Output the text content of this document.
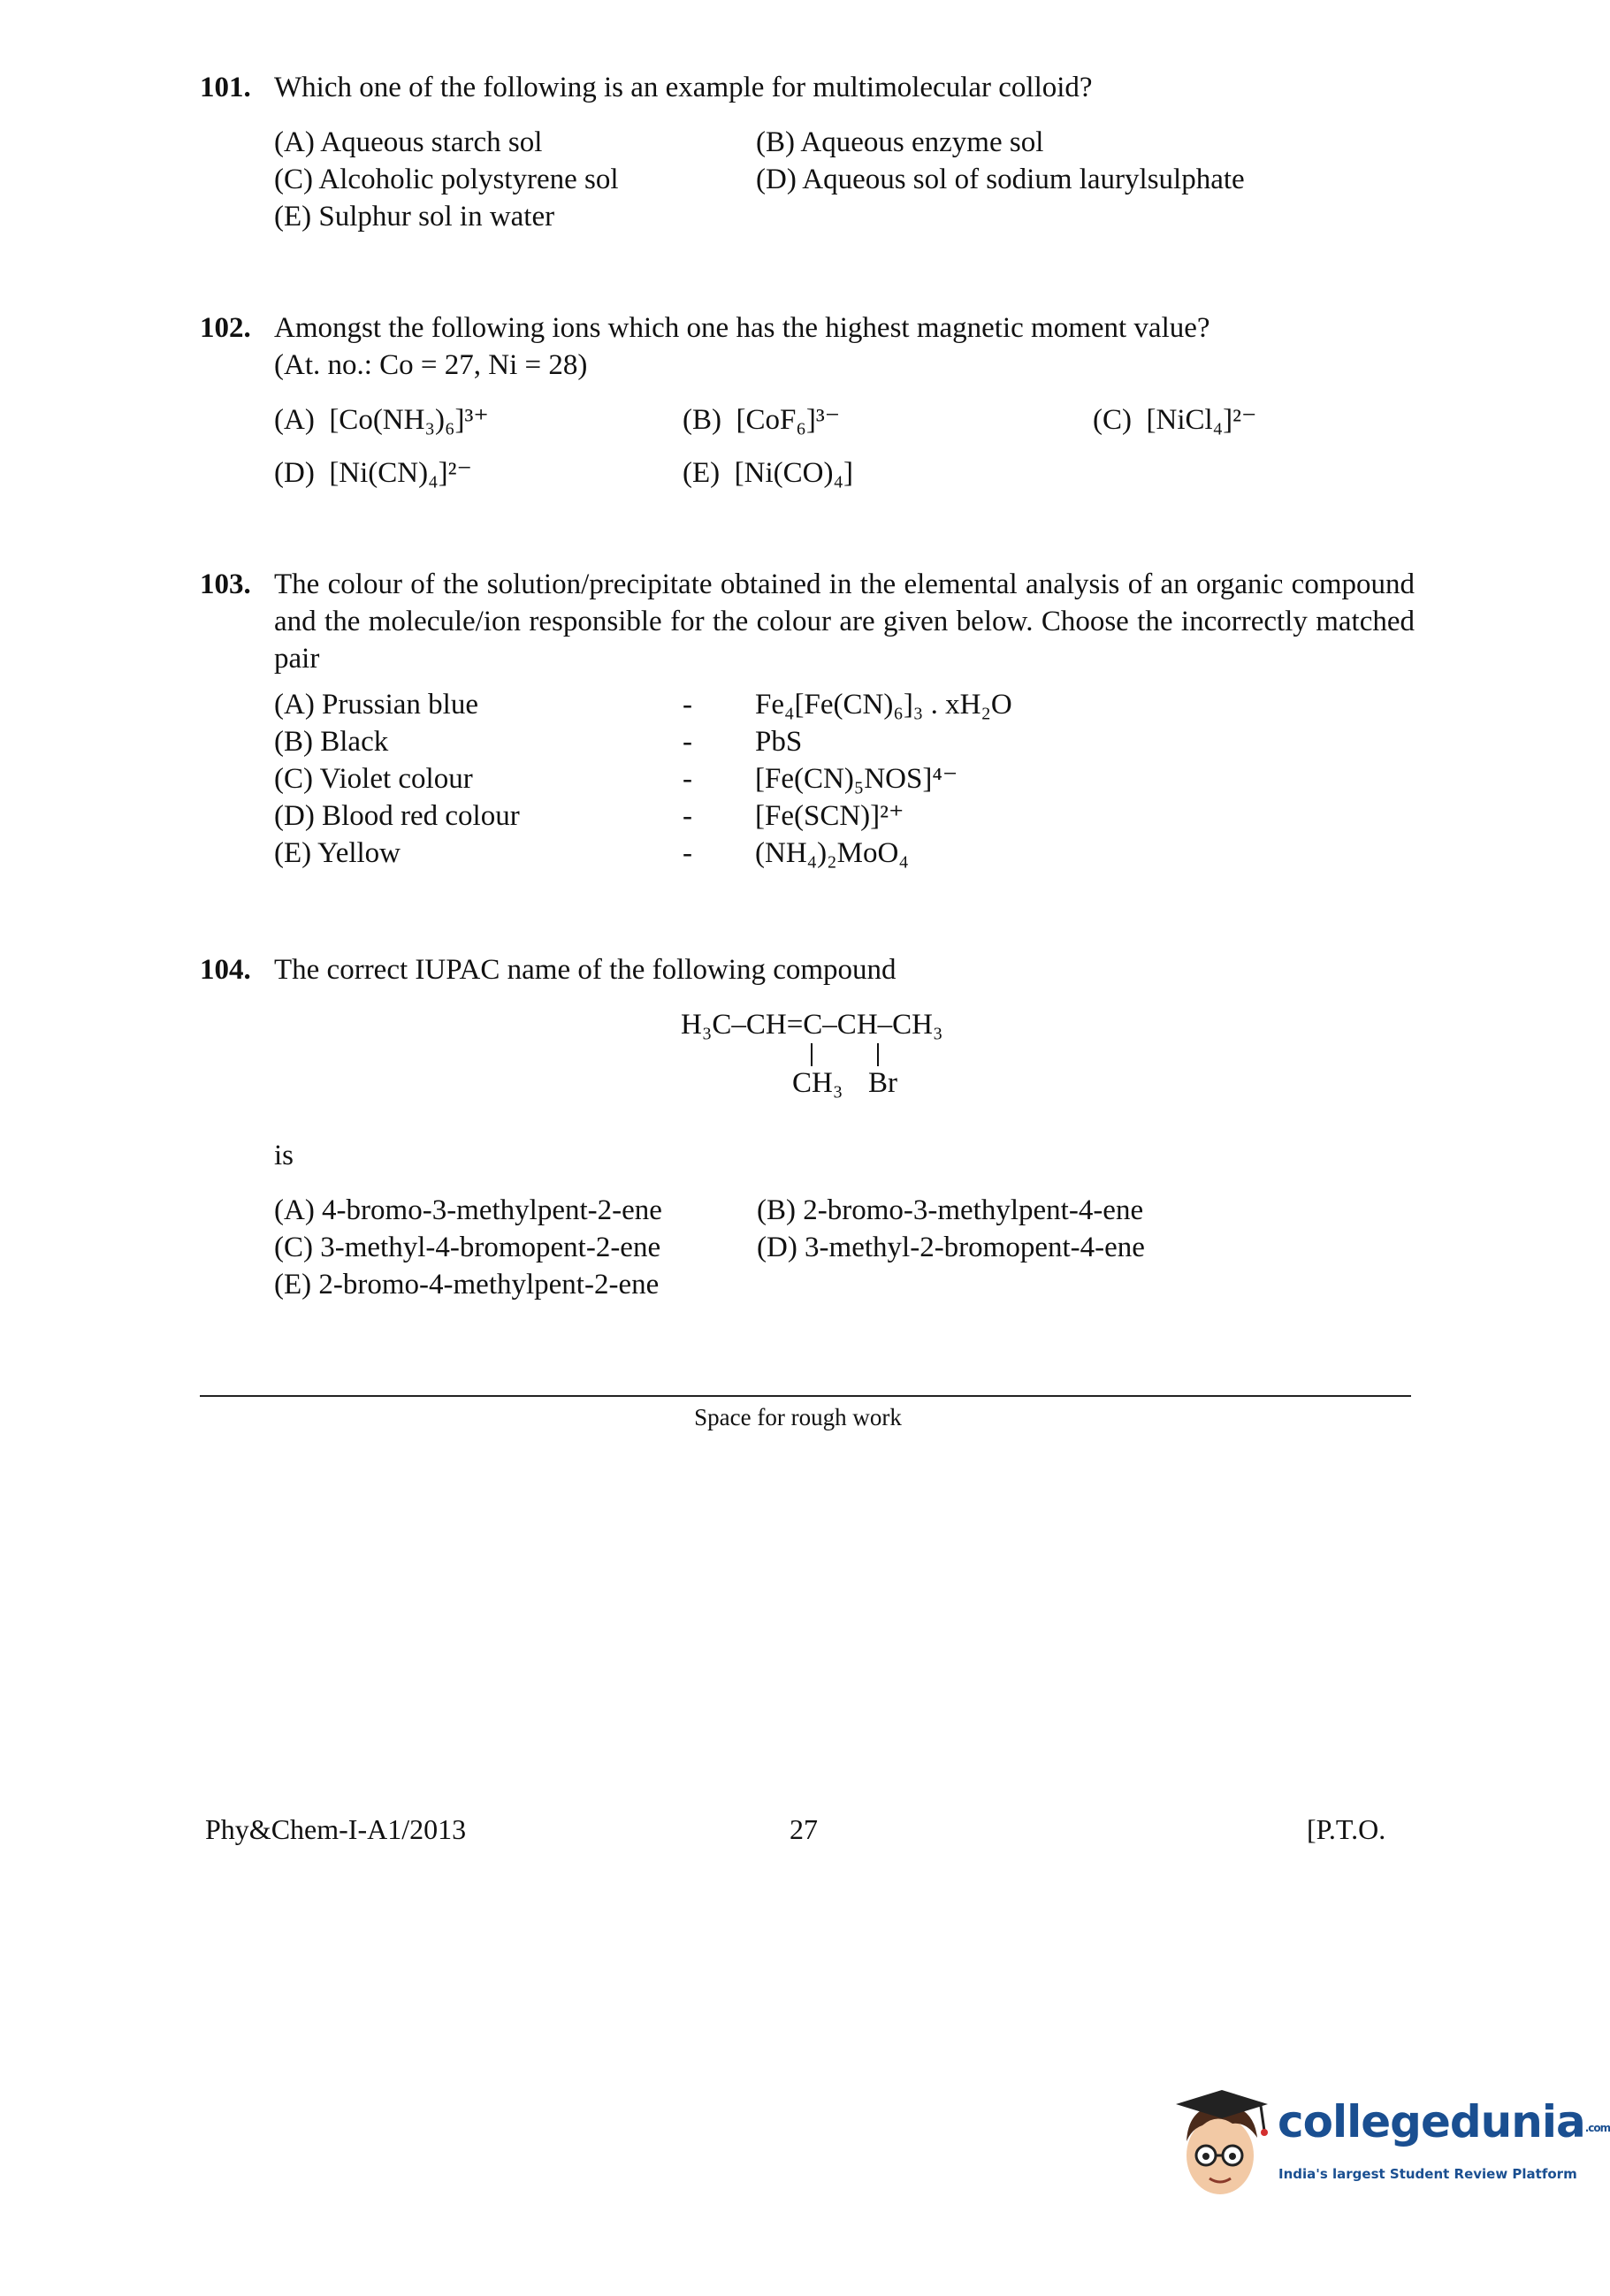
101. Which one of the following is an example for multimolecular colloid?
(A) Aqueous starch sol	(B) Aqueous enzyme sol
(C) Alcoholic polystyrene sol	(D) Aqueous sol of sodium laurylsulphate
(E) Sulphur sol in water
102. Amongst the following ions which one has the highest magnetic moment value?
(At. no.: Co = 27, Ni = 28)
(A) [Co(NH₃)₆]³⁺	(B) [CoF₆]³⁻	(C) [NiCl₄]²⁻
(D) [Ni(CN)₄]²⁻	(E) [Ni(CO)₄]
103. The colour of the solution/precipitate obtained in the elemental analysis of an organic compound and the molecule/ion responsible for the colour are given below. Choose the incorrectly matched pair
(A) Prussian blue	- Fe₄[Fe(CN)₆]₃ . xH₂O
(B) Black	- PbS
(C) Violet colour	- [Fe(CN)₅NOS]⁴⁻
(D) Blood red colour	- [Fe(SCN)]²⁺
(E) Yellow	- (NH₄)₂MoO₄
104. The correct IUPAC name of the following compound
H₃C–CH=C–CH–CH₃
CH₃ Br
is
(A) 4-bromo-3-methylpent-2-ene	(B) 2-bromo-3-methylpent-4-ene
(C) 3-methyl-4-bromopent-2-ene	(D) 3-methyl-2-bromopent-4-ene
(E) 2-bromo-4-methylpent-2-ene
Space for rough work
Phy&Chem-I-A1/2013	27	[P.T.O.
collegedunia.com
India's largest Student Review Platform
